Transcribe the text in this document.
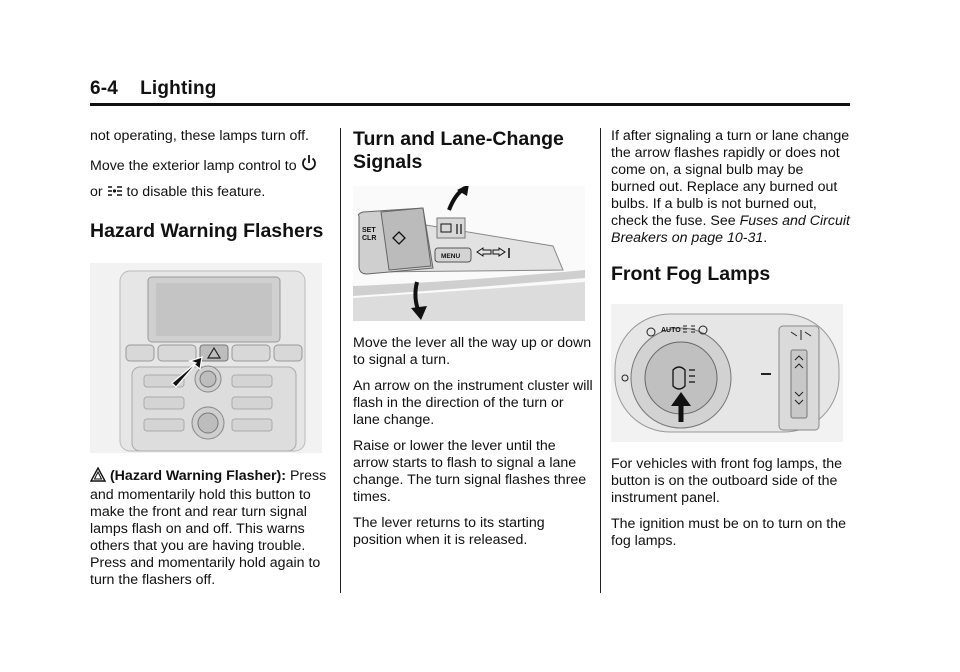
6-4 Lighting

not operating, these lamps turn off.

Move the exterior lamp control to
or to disable this feature.

Hazard Warning Flashers

(Hazard Warning Flasher): Press and momentarily hold this button to make the front and rear turn signal lamps flash on and off. This warns others that you are having trouble. Press and momentarily hold again to turn the flashers off.

Turn and Lane-Change
Signals
SET
CLR
MENU

Move the lever all the way up or down to signal a turn.

An arrow on the instrument cluster will flash in the direction of the turn or lane change.

Raise or lower the lever until the arrow starts to flash to signal a lane change. The turn signal flashes three times.

The lever returns to its starting position when it is released.

If after signaling a turn or lane change the arrow flashes rapidly or does not come on, a signal bulb may be burned out. Replace any burned out bulbs. If a bulb is not burned out, check the fuse. See Fuses and Circuit Breakers on page 10-31.

Front Fog Lamps
AUTO

For vehicles with front fog lamps, the button is on the outboard side of the instrument panel.

The ignition must be on to turn on the fog lamps.
